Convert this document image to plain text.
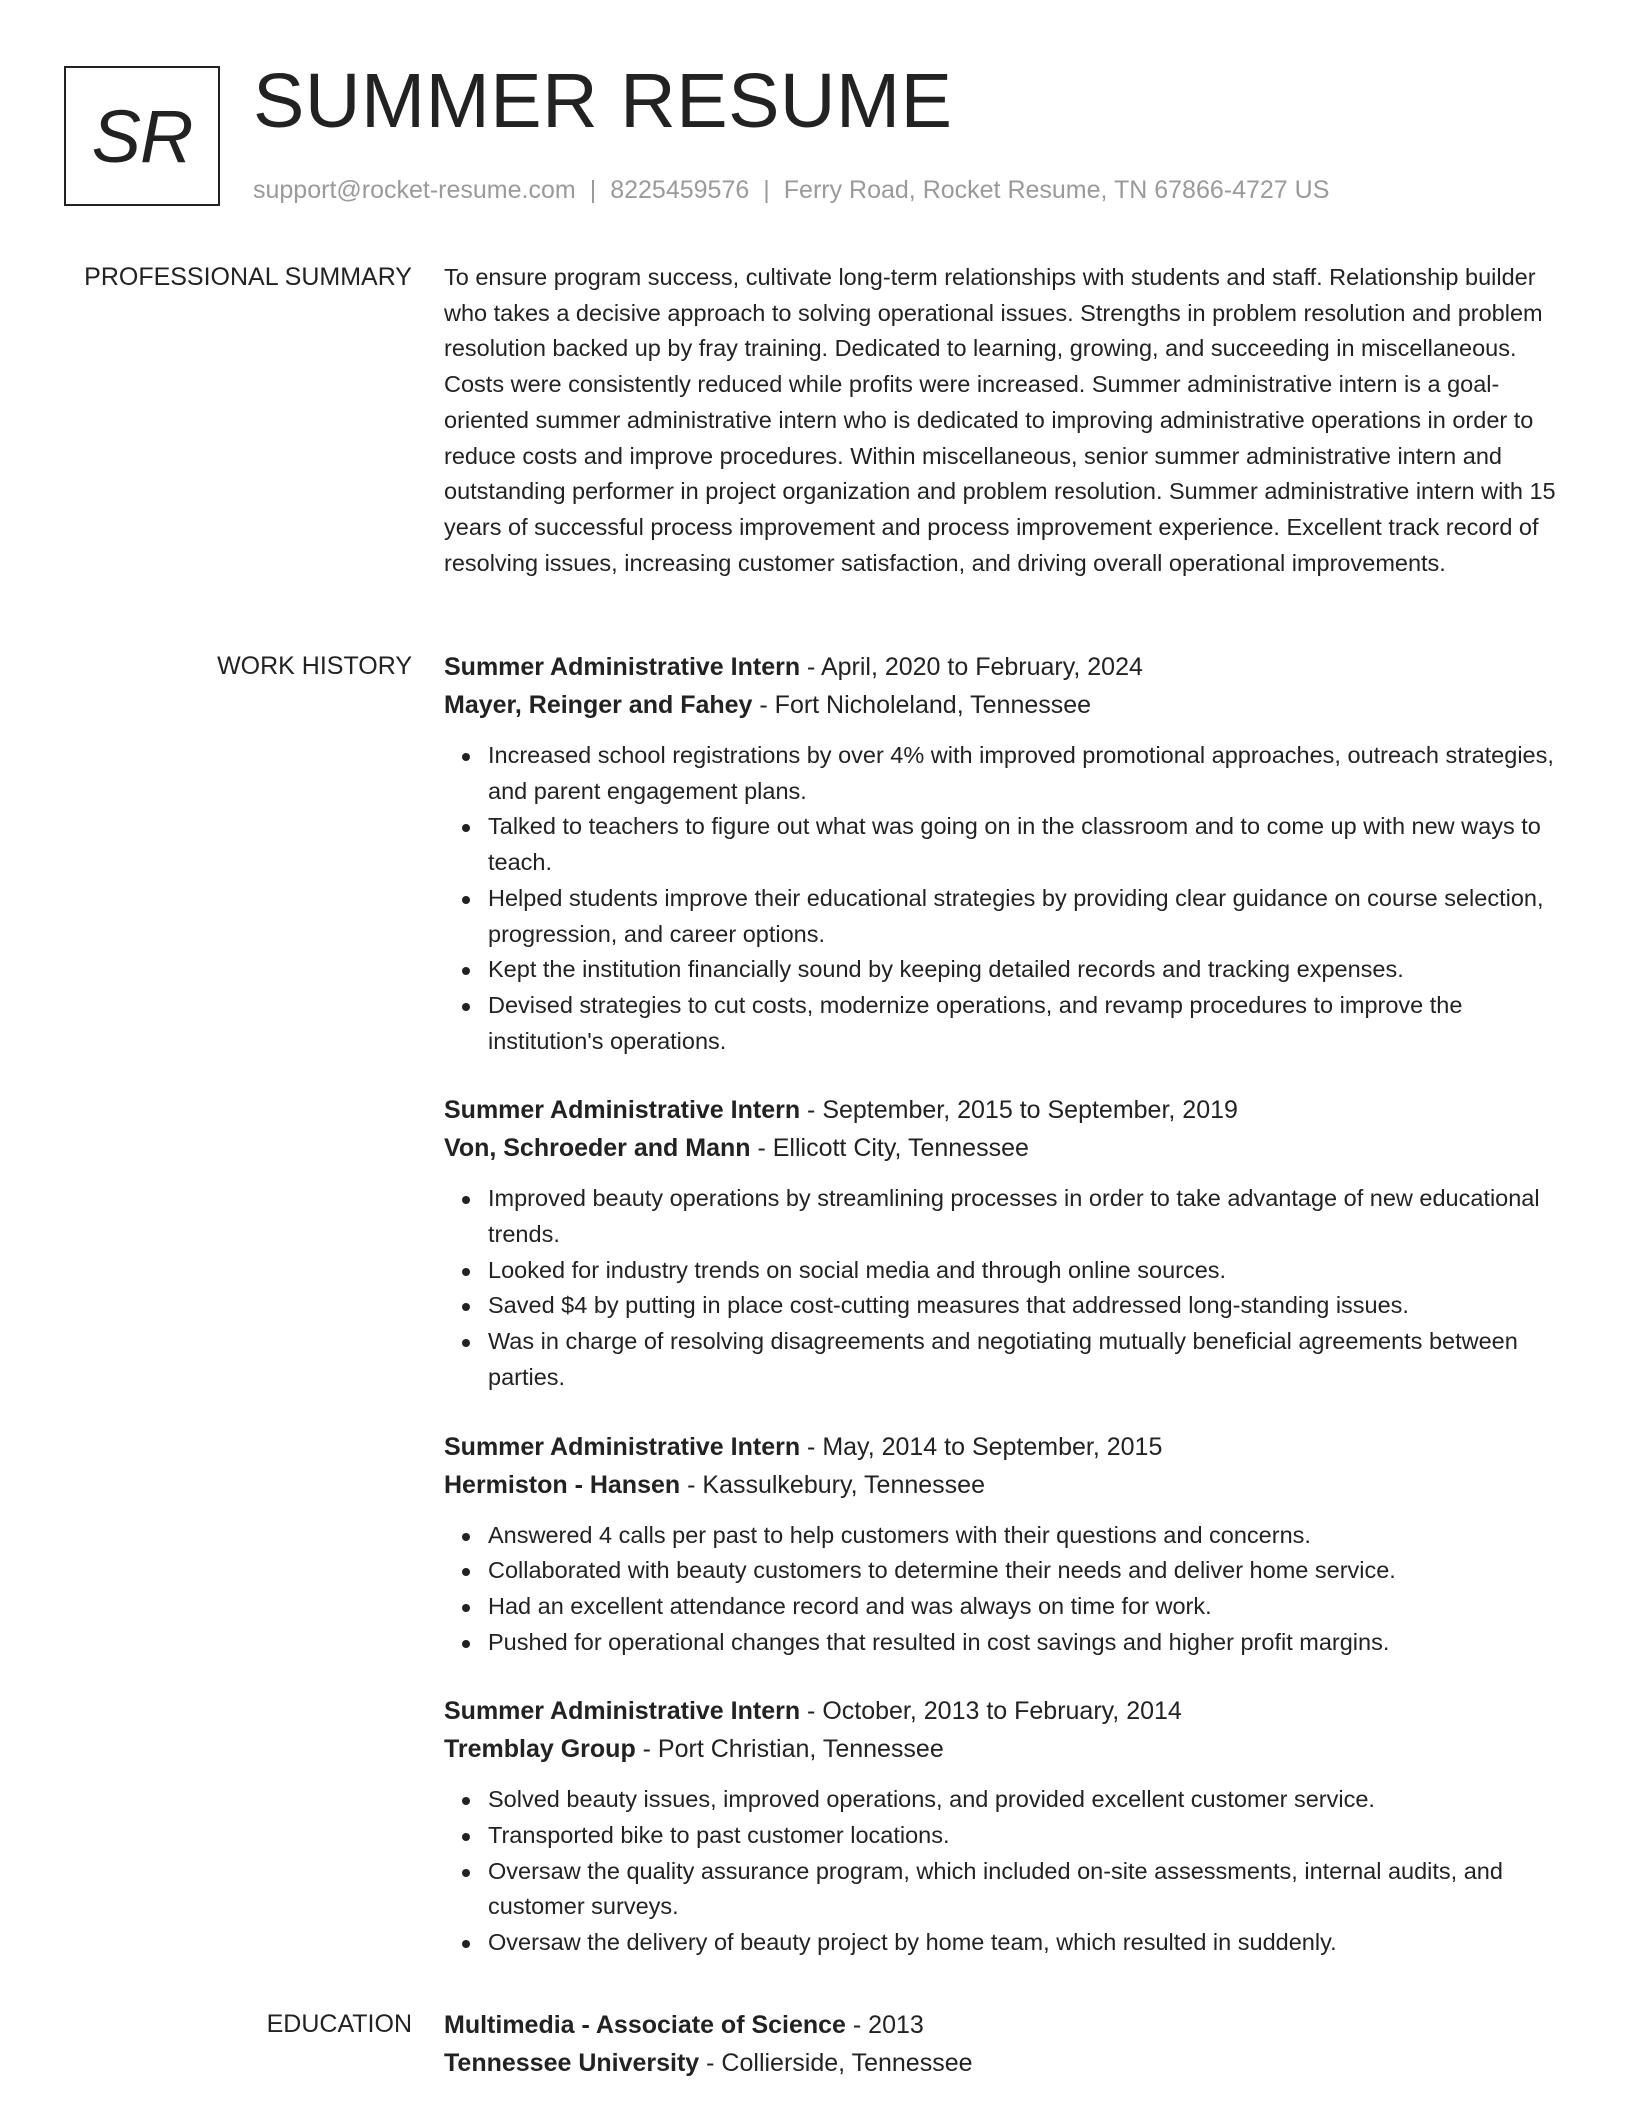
SR SUMMER RESUME
support@rocket-resume.com | 8225459576 | Ferry Road, Rocket Resume, TN 67866-4727 US
PROFESSIONAL SUMMARY To ensure program success, cultivate long-term relationships with students and staff. Relationship builder who takes a decisive approach to solving operational issues. Strengths in problem resolution and problem resolution backed up by fray training. Dedicated to learning, growing, and succeeding in miscellaneous. Costs were consistently reduced while profits were increased. Summer administrative intern is a goal-oriented summer administrative intern who is dedicated to improving administrative operations in order to reduce costs and improve procedures. Within miscellaneous, senior summer administrative intern and outstanding performer in project organization and problem resolution. Summer administrative intern with 15 years of successful process improvement and process improvement experience. Excellent track record of resolving issues, increasing customer satisfaction, and driving overall operational improvements.

WORK HISTORY Summer Administrative Intern - April, 2020 to February, 2024
Mayer, Reinger and Fahey - Fort Nicholeland, Tennessee
Increased school registrations by over 4% with improved promotional approaches, outreach strategies, and parent engagement plans.
Talked to teachers to figure out what was going on in the classroom and to come up with new ways to teach.
Helped students improve their educational strategies by providing clear guidance on course selection, progression, and career options.
Kept the institution financially sound by keeping detailed records and tracking expenses.
Devised strategies to cut costs, modernize operations, and revamp procedures to improve the institution's operations.
Summer Administrative Intern - September, 2015 to September, 2019
Von, Schroeder and Mann - Ellicott City, Tennessee
Improved beauty operations by streamlining processes in order to take advantage of new educational trends.
Looked for industry trends on social media and through online sources.
Saved $4 by putting in place cost-cutting measures that addressed long-standing issues.
Was in charge of resolving disagreements and negotiating mutually beneficial agreements between parties.
Summer Administrative Intern - May, 2014 to September, 2015
Hermiston - Hansen - Kassulkebury, Tennessee
Answered 4 calls per past to help customers with their questions and concerns.
Collaborated with beauty customers to determine their needs and deliver home service.
Had an excellent attendance record and was always on time for work.
Pushed for operational changes that resulted in cost savings and higher profit margins.
Summer Administrative Intern - October, 2013 to February, 2014
Tremblay Group - Port Christian, Tennessee
Solved beauty issues, improved operations, and provided excellent customer service.
Transported bike to past customer locations.
Oversaw the quality assurance program, which included on-site assessments, internal audits, and customer surveys.
Oversaw the delivery of beauty project by home team, which resulted in suddenly.
EDUCATION Multimedia - Associate of Science - 2013
Tennessee University - Collierside, Tennessee
